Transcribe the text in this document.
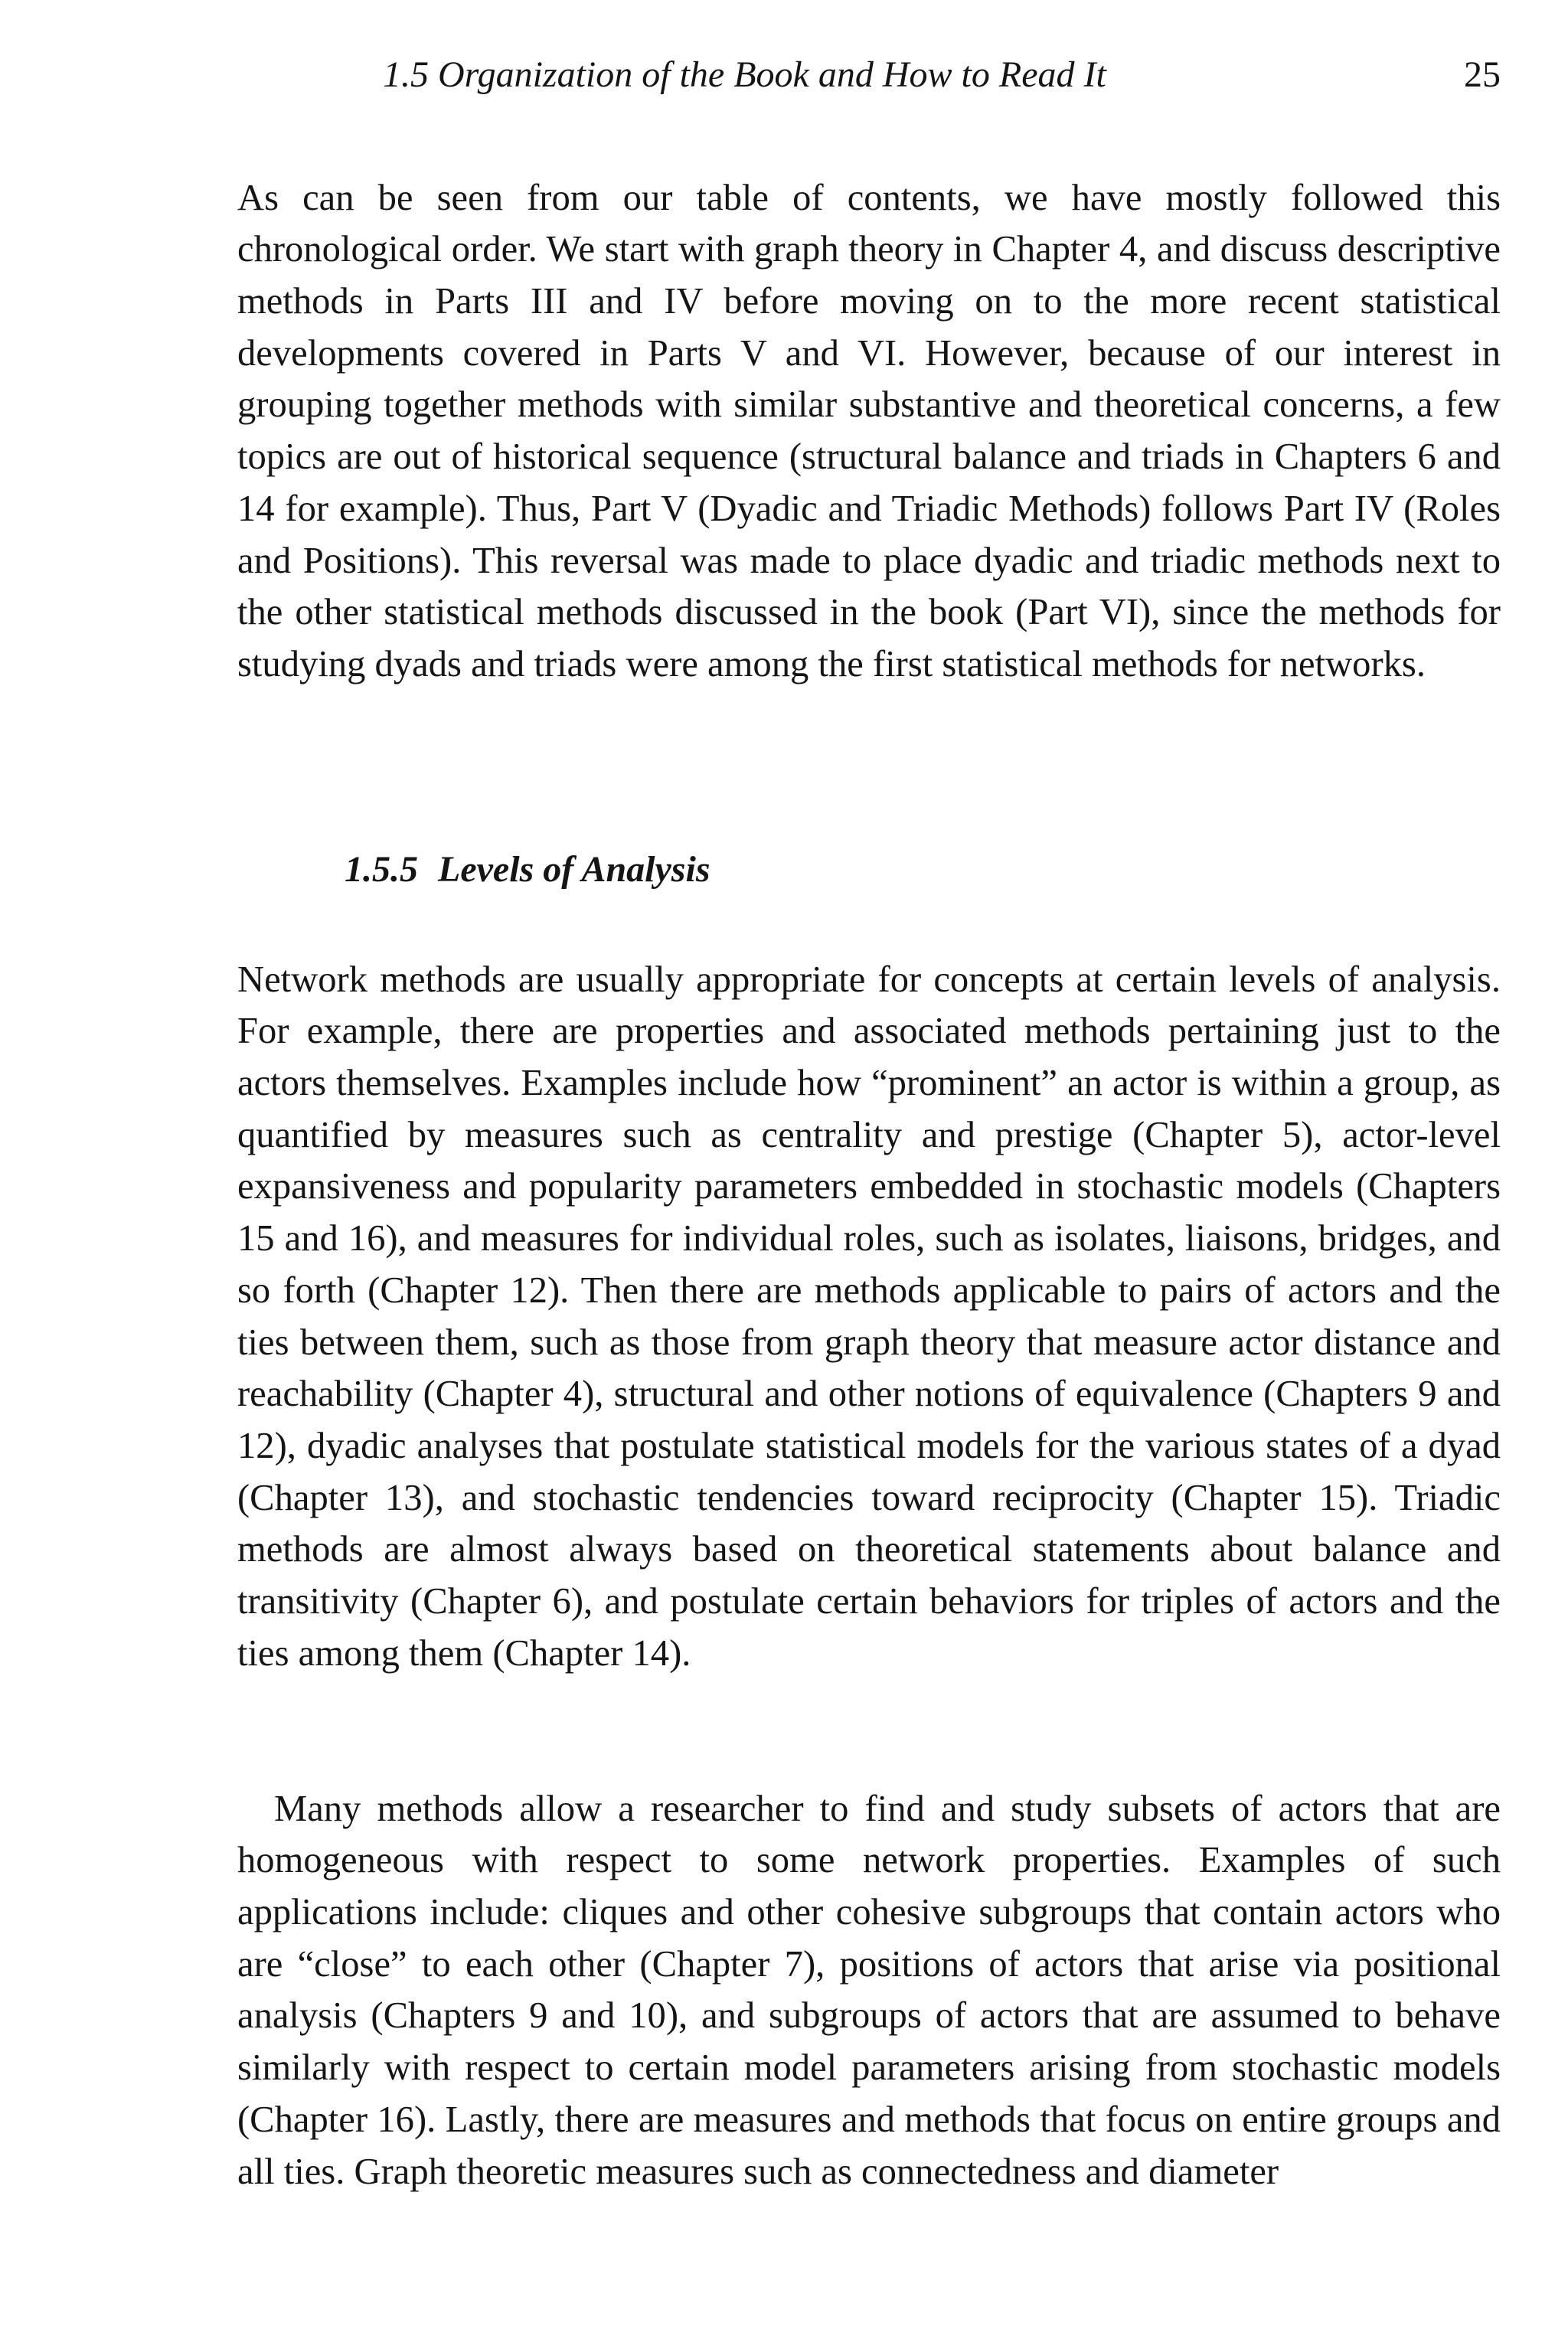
1.5 Organization of the Book and How to Read It	25

As can be seen from our table of contents, we have mostly followed this chronological order. We start with graph theory in Chapter 4, and discuss descriptive methods in Parts III and IV before moving on to the more recent statistical developments covered in Parts V and VI. However, because of our interest in grouping together methods with similar substantive and theoretical concerns, a few topics are out of historical sequence (structural balance and triads in Chapters 6 and 14 for example). Thus, Part V (Dyadic and Triadic Methods) follows Part IV (Roles and Positions). This reversal was made to place dyadic and triadic methods next to the other statistical methods discussed in the book (Part VI), since the methods for studying dyads and triads were among the first statistical methods for networks.

1.5.5 Levels of Analysis

Network methods are usually appropriate for concepts at certain levels of analysis. For example, there are properties and associated methods pertaining just to the actors themselves. Examples include how “prominent” an actor is within a group, as quantified by measures such as centrality and prestige (Chapter 5), actor-level expansiveness and popularity parameters embedded in stochastic models (Chapters 15 and 16), and measures for individual roles, such as isolates, liaisons, bridges, and so forth (Chapter 12). Then there are methods applicable to pairs of actors and the ties between them, such as those from graph theory that measure actor distance and reachability (Chapter 4), structural and other notions of equivalence (Chapters 9 and 12), dyadic analyses that postulate statistical models for the various states of a dyad (Chapter 13), and stochastic tendencies toward reciprocity (Chapter 15). Triadic methods are almost always based on theoretical statements about balance and transitivity (Chapter 6), and postulate certain behaviors for triples of actors and the ties among them (Chapter 14).

Many methods allow a researcher to find and study subsets of actors that are homogeneous with respect to some network properties. Examples of such applications include: cliques and other cohesive subgroups that contain actors who are “close” to each other (Chapter 7), positions of actors that arise via positional analysis (Chapters 9 and 10), and subgroups of actors that are assumed to behave similarly with respect to certain model parameters arising from stochastic models (Chapter 16). Lastly, there are measures and methods that focus on entire groups and all ties. Graph theoretic measures such as connectedness and diameter
